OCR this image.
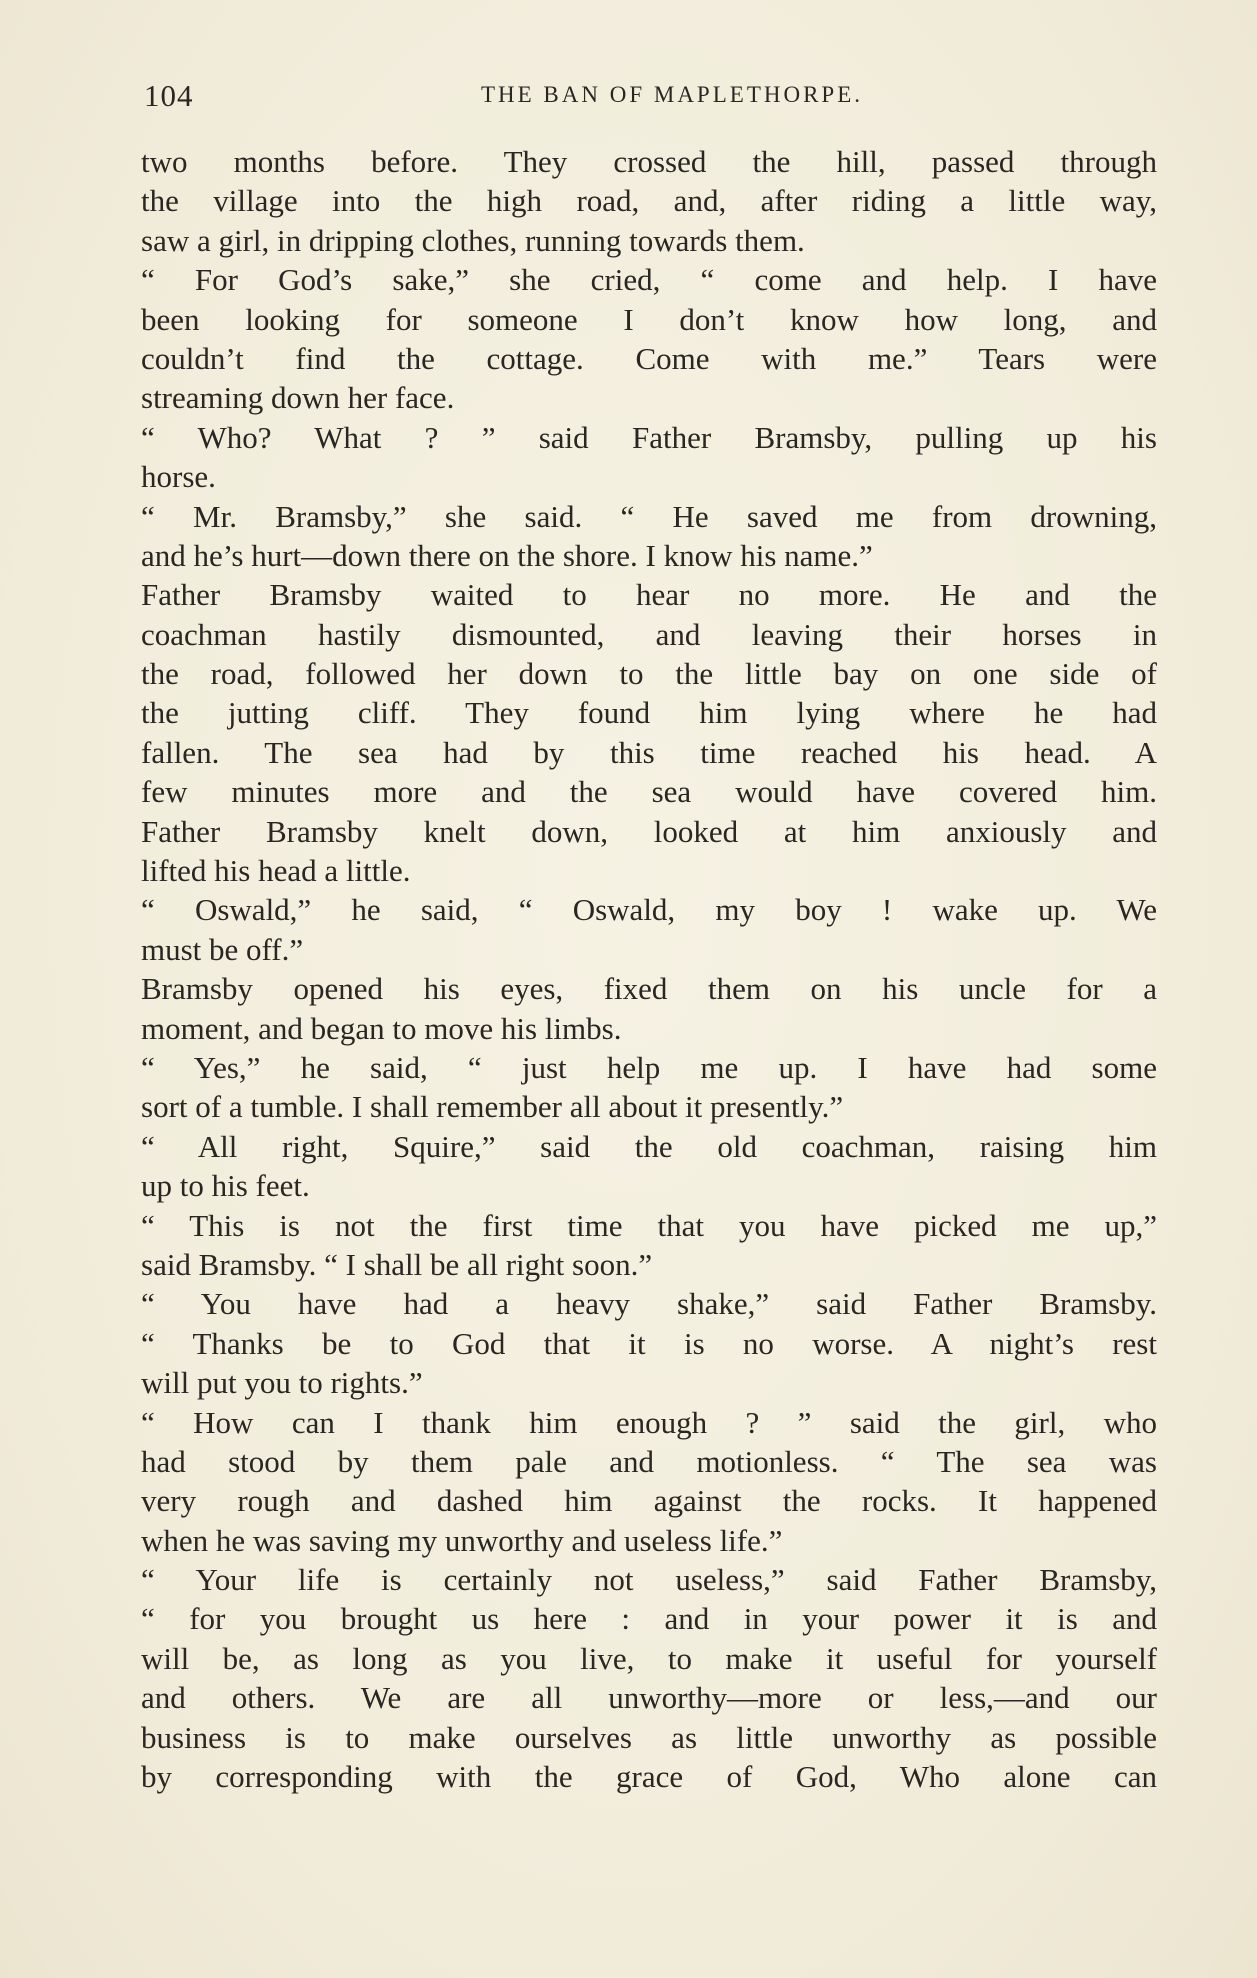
104	THE BAN OF MAPLETHORPE.
two months before. They crossed the hill, passed through
the village into the high road, and, after riding a little way,
saw a girl, in dripping clothes, running towards them.
“ For God’s sake,” she cried, “ come and help. I have
been looking for someone I don’t know how long, and
couldn’t find the cottage. Come with me.” Tears were
streaming down her face.
“ Who? What ? ” said Father Bramsby, pulling up his
horse.
“ Mr. Bramsby,” she said. “ He saved me from drowning,
and he’s hurt—down there on the shore. I know his name.”
Father Bramsby waited to hear no more. He and the
coachman hastily dismounted, and leaving their horses in
the road, followed her down to the little bay on one side of
the jutting cliff. They found him lying where he had
fallen. The sea had by this time reached his head. A
few minutes more and the sea would have covered him.
Father Bramsby knelt down, looked at him anxiously and
lifted his head a little.
“ Oswald,” he said, “ Oswald, my boy ! wake up. We
must be off.”
Bramsby opened his eyes, fixed them on his uncle for a
moment, and began to move his limbs.
“ Yes,” he said, “ just help me up. I have had some
sort of a tumble. I shall remember all about it presently.”
“ All right, Squire,” said the old coachman, raising him
up to his feet.
“ This is not the first time that you have picked me up,”
said Bramsby. “ I shall be all right soon.”
“ You have had a heavy shake,” said Father Bramsby.
“ Thanks be to God that it is no worse. A night’s rest
will put you to rights.”
“ How can I thank him enough ? ” said the girl, who
had stood by them pale and motionless. “ The sea was
very rough and dashed him against the rocks. It happened
when he was saving my unworthy and useless life.”
“ Your life is certainly not useless,” said Father Bramsby,
“ for you brought us here : and in your power it is and
will be, as long as you live, to make it useful for yourself
and others. We are all unworthy—more or less,—and our
business is to make ourselves as little unworthy as possible
by corresponding with the grace of God, Who alone can
